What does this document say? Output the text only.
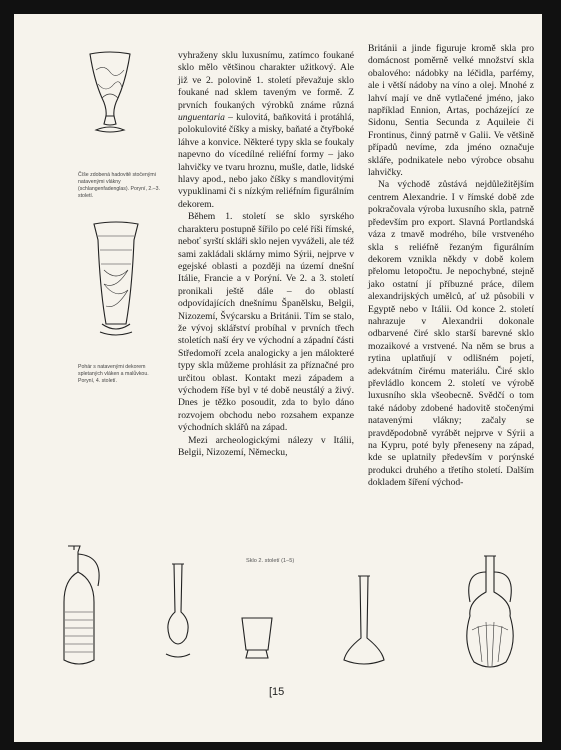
Číše zdobená hadovitě stočenými natavenými vlákny (schlangenfadenglas). Poryní, 2.–3. století.
Pohár s natavenými dekorem spletaných vláken a malůvkou. Poryní, 4. století.

vyhraženy sklu luxusnímu, zatímco foukané sklo mělo většinou charakter užitkový. Ale již ve 2. polovině 1. století převažuje sklo foukané nad sklem taveným ve formě. Z prvních foukaných výrobků známe různá unguentaria – kulovitá, baňkovitá i protáhlá, polokulovité číšky a misky, baňaté a čtyřboké láhve a konvice. Některé typy skla se foukaly napevno do vícedílné reliéfní formy – jako lahvičky ve tvaru hroznu, mušle, datle, lidské hlavy apod., nebo jako číšky s mandlovitými vypuklinami či s nízkým reliéfním figurálním dekorem.

Během 1. století se sklo syrského charakteru postupně šířilo po celé říši římské, neboť syrští skláři sklo nejen vyváželi, ale též sami zakládali sklárny mimo Sýrii, nejprve v egejské oblasti a později na území dnešní Itálie, Francie a v Porýní. Ve 2. a 3. století pronikali ještě dále – do oblastí odpovídajících dnešnímu Španělsku, Belgii, Nizozemí, Švýcarsku a Británii. Tím se stalo, že vývoj sklářství probíhal v prvních třech stoletích naší éry ve východní a západní části Středomoří zcela analogicky a jen málokteré typy skla můžeme prohlásit za příznačné pro určitou oblast. Kontakt mezi západem a východem říše byl v té době neustálý a živý. Dnes je těžko posoudit, zda to bylo dáno rozvojem obchodu nebo rozsahem expanze východních sklářů na západ.

Mezi archeologickými nálezy v Itálii, Belgii, Nizozemí, Německu,

Británii a jinde figuruje kromě skla pro domácnost poměrně velké množství skla obalového: nádobky na léčidla, parfémy, ale i větší nádoby na víno a olej. Mnohé z lahví mají ve dně vytlačené jméno, jako například Ennion, Artas, pocházející ze Sidonu, Sentia Secunda z Aquileie či Frontinus, činný patrně v Galii. Ve většině případů nevíme, zda jméno označuje skláře, podnikatele nebo výrobce obsahu lahvičky.

Na východě zůstává nejdůležitějším centrem Alexandrie. I v římské době zde pokračovala výroba luxusního skla, patrně především pro export. Slavná Portlandská váza z tmavě modrého, bíle vrstveného skla s reliéfně řezaným figurálním dekorem vznikla někdy v době kolem přelomu letopočtu. Je nepochybné, stejně jako ostatní jí příbuzné práce, dílem alexandrijských umělců, ať už působili v Egyptě nebo v Itálii. Od konce 2. století nahrazuje v Alexandrii dokonale odbarvené čiré sklo starší barevné sklo mozaikové a vrstvené. Na něm se brus a rytina uplatňují v odlišném pojetí, adekvátním čirému materiálu. Čiré sklo převládlo koncem 2. století ve výrobě luxusního skla všeobecně. Svědčí o tom také nádoby zdobené hadovitě stočenými natavenými vlákny; začaly se pravděpodobně vyrábět nejprve v Sýrii a na Kypru, poté byly přeneseny na západ, kde se uplatnily především v porýnské produkci druhého a třetího století. Dalším dokladem šíření východ-

Sklo 2. století (1–5)
[15
